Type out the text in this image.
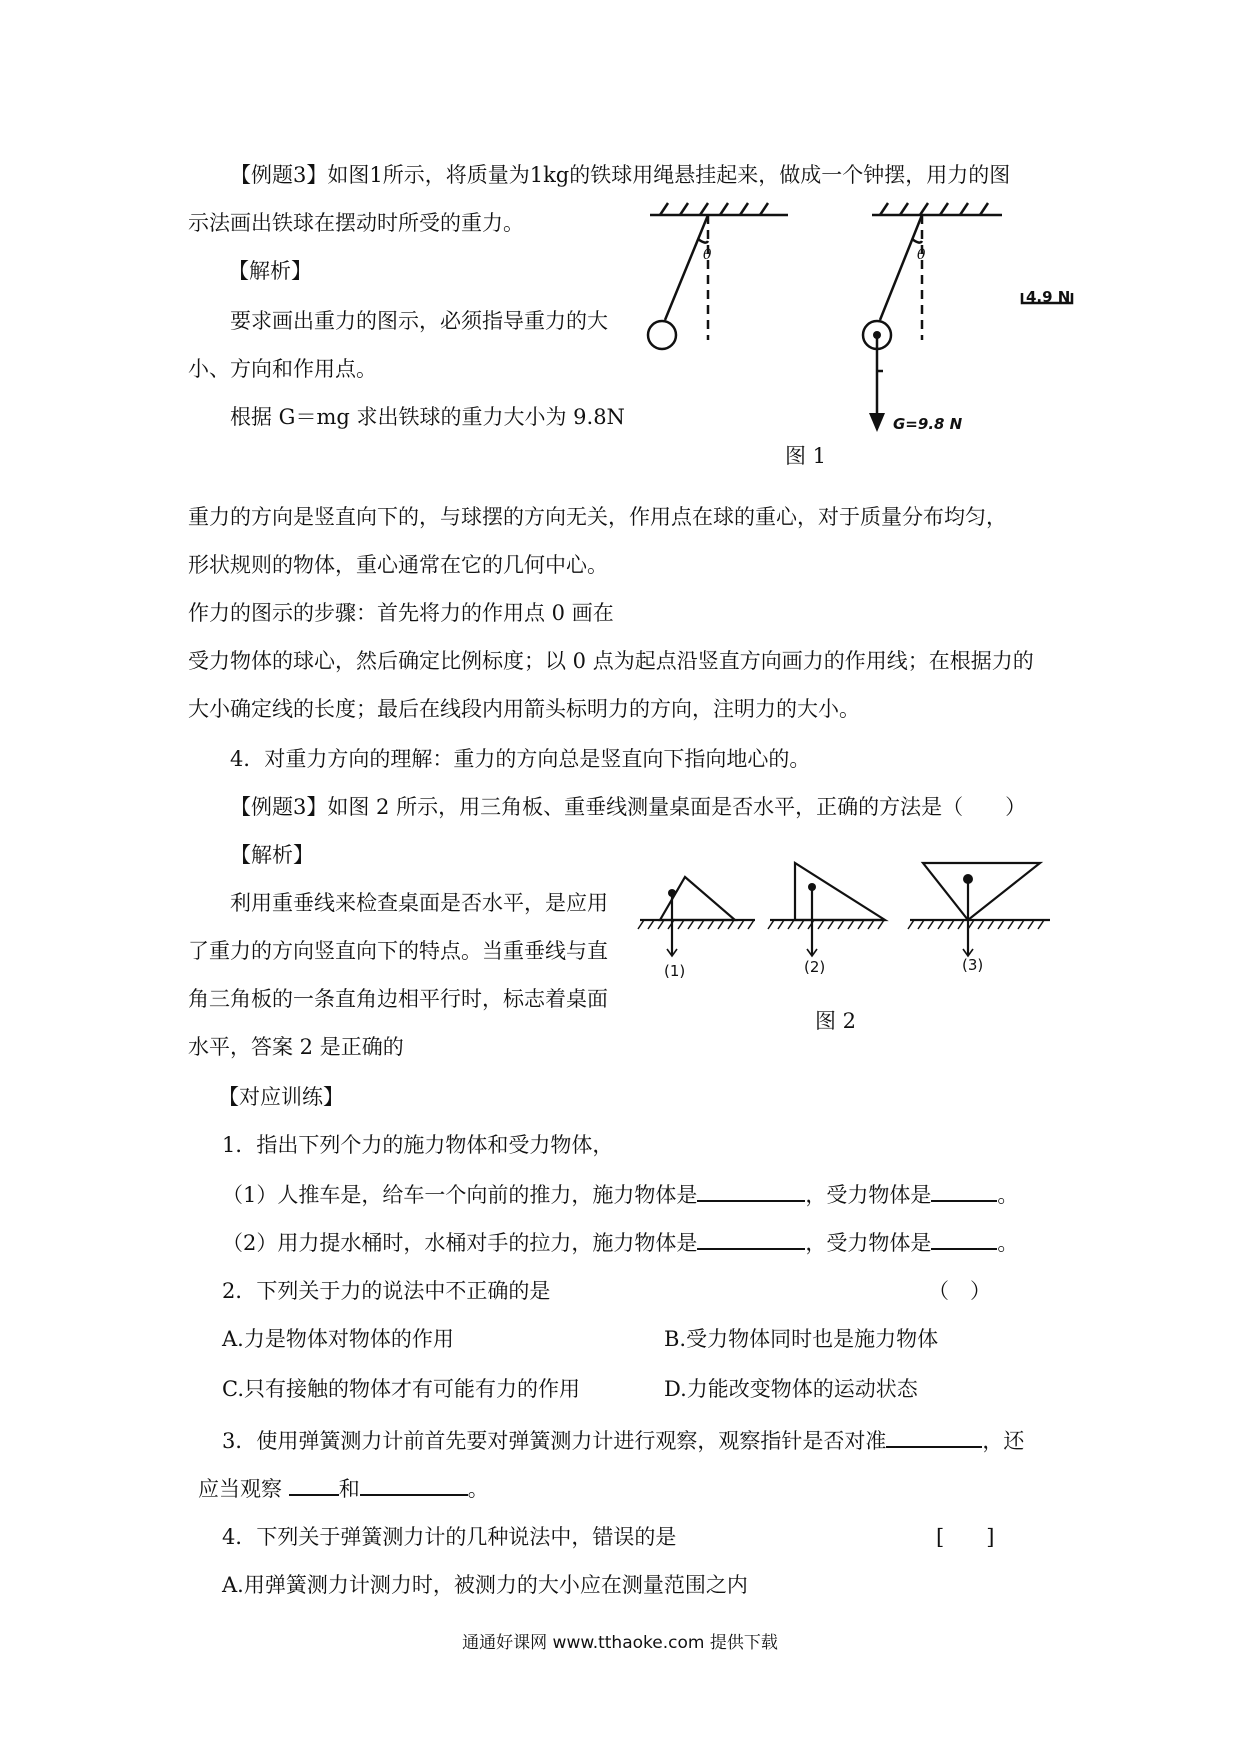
【例题3】如图1所示，将质量为1kg的铁球用绳悬挂起来，做成一个钟摆，用力的图
示法画出铁球在摆动时所受的重力。
【解析】
要求画出重力的图示，必须指导重力的大
小、方向和作用点。
根据 G＝mg 求出铁球的重力大小为 9.8N
θ	θ
4.9 N
G=9.8 N
图 1
重力的方向是竖直向下的，与球摆的方向无关，作用点在球的重心，对于质量分布均匀，
形状规则的物体，重心通常在它的几何中心。
作力的图示的步骤：首先将力的作用点 0 画在
受力物体的球心，然后确定比例标度；以 0 点为起点沿竖直方向画力的作用线；在根据力的
大小确定线的长度；最后在线段内用箭头标明力的方向，注明力的大小。
4．对重力方向的理解：重力的方向总是竖直向下指向地心的。
【例题3】如图 2 所示，用三角板、重垂线测量桌面是否水平，正确的方法是（　　）
【解析】
利用重垂线来检查桌面是否水平，是应用
了重力的方向竖直向下的特点。当重垂线与直
角三角板的一条直角边相平行时，标志着桌面
水平，答案 2 是正确的
(1)	(2)	(3)
图 2
【对应训练】
1．指出下列个力的施力物体和受力物体，
（1）人推车是，给车一个向前的推力，施力物体是	，受力物体是	。
（2）用力提水桶时，水桶对手的拉力，施力物体是	，受力物体是	。
2．下列关于力的说法中不正确的是	（　）
A.力是物体对物体的作用	B.受力物体同时也是施力物体
C.只有接触的物体才有可能有力的作用	D.力能改变物体的运动状态
3．使用弹簧测力计前首先要对弹簧测力计进行观察，观察指针是否对准	，还
应当观察	和	。
4．下列关于弹簧测力计的几种说法中，错误的是	[　　]
A.用弹簧测力计测力时，被测力的大小应在测量范围之内
通通好课网 www.tthaoke.com 提供下载
